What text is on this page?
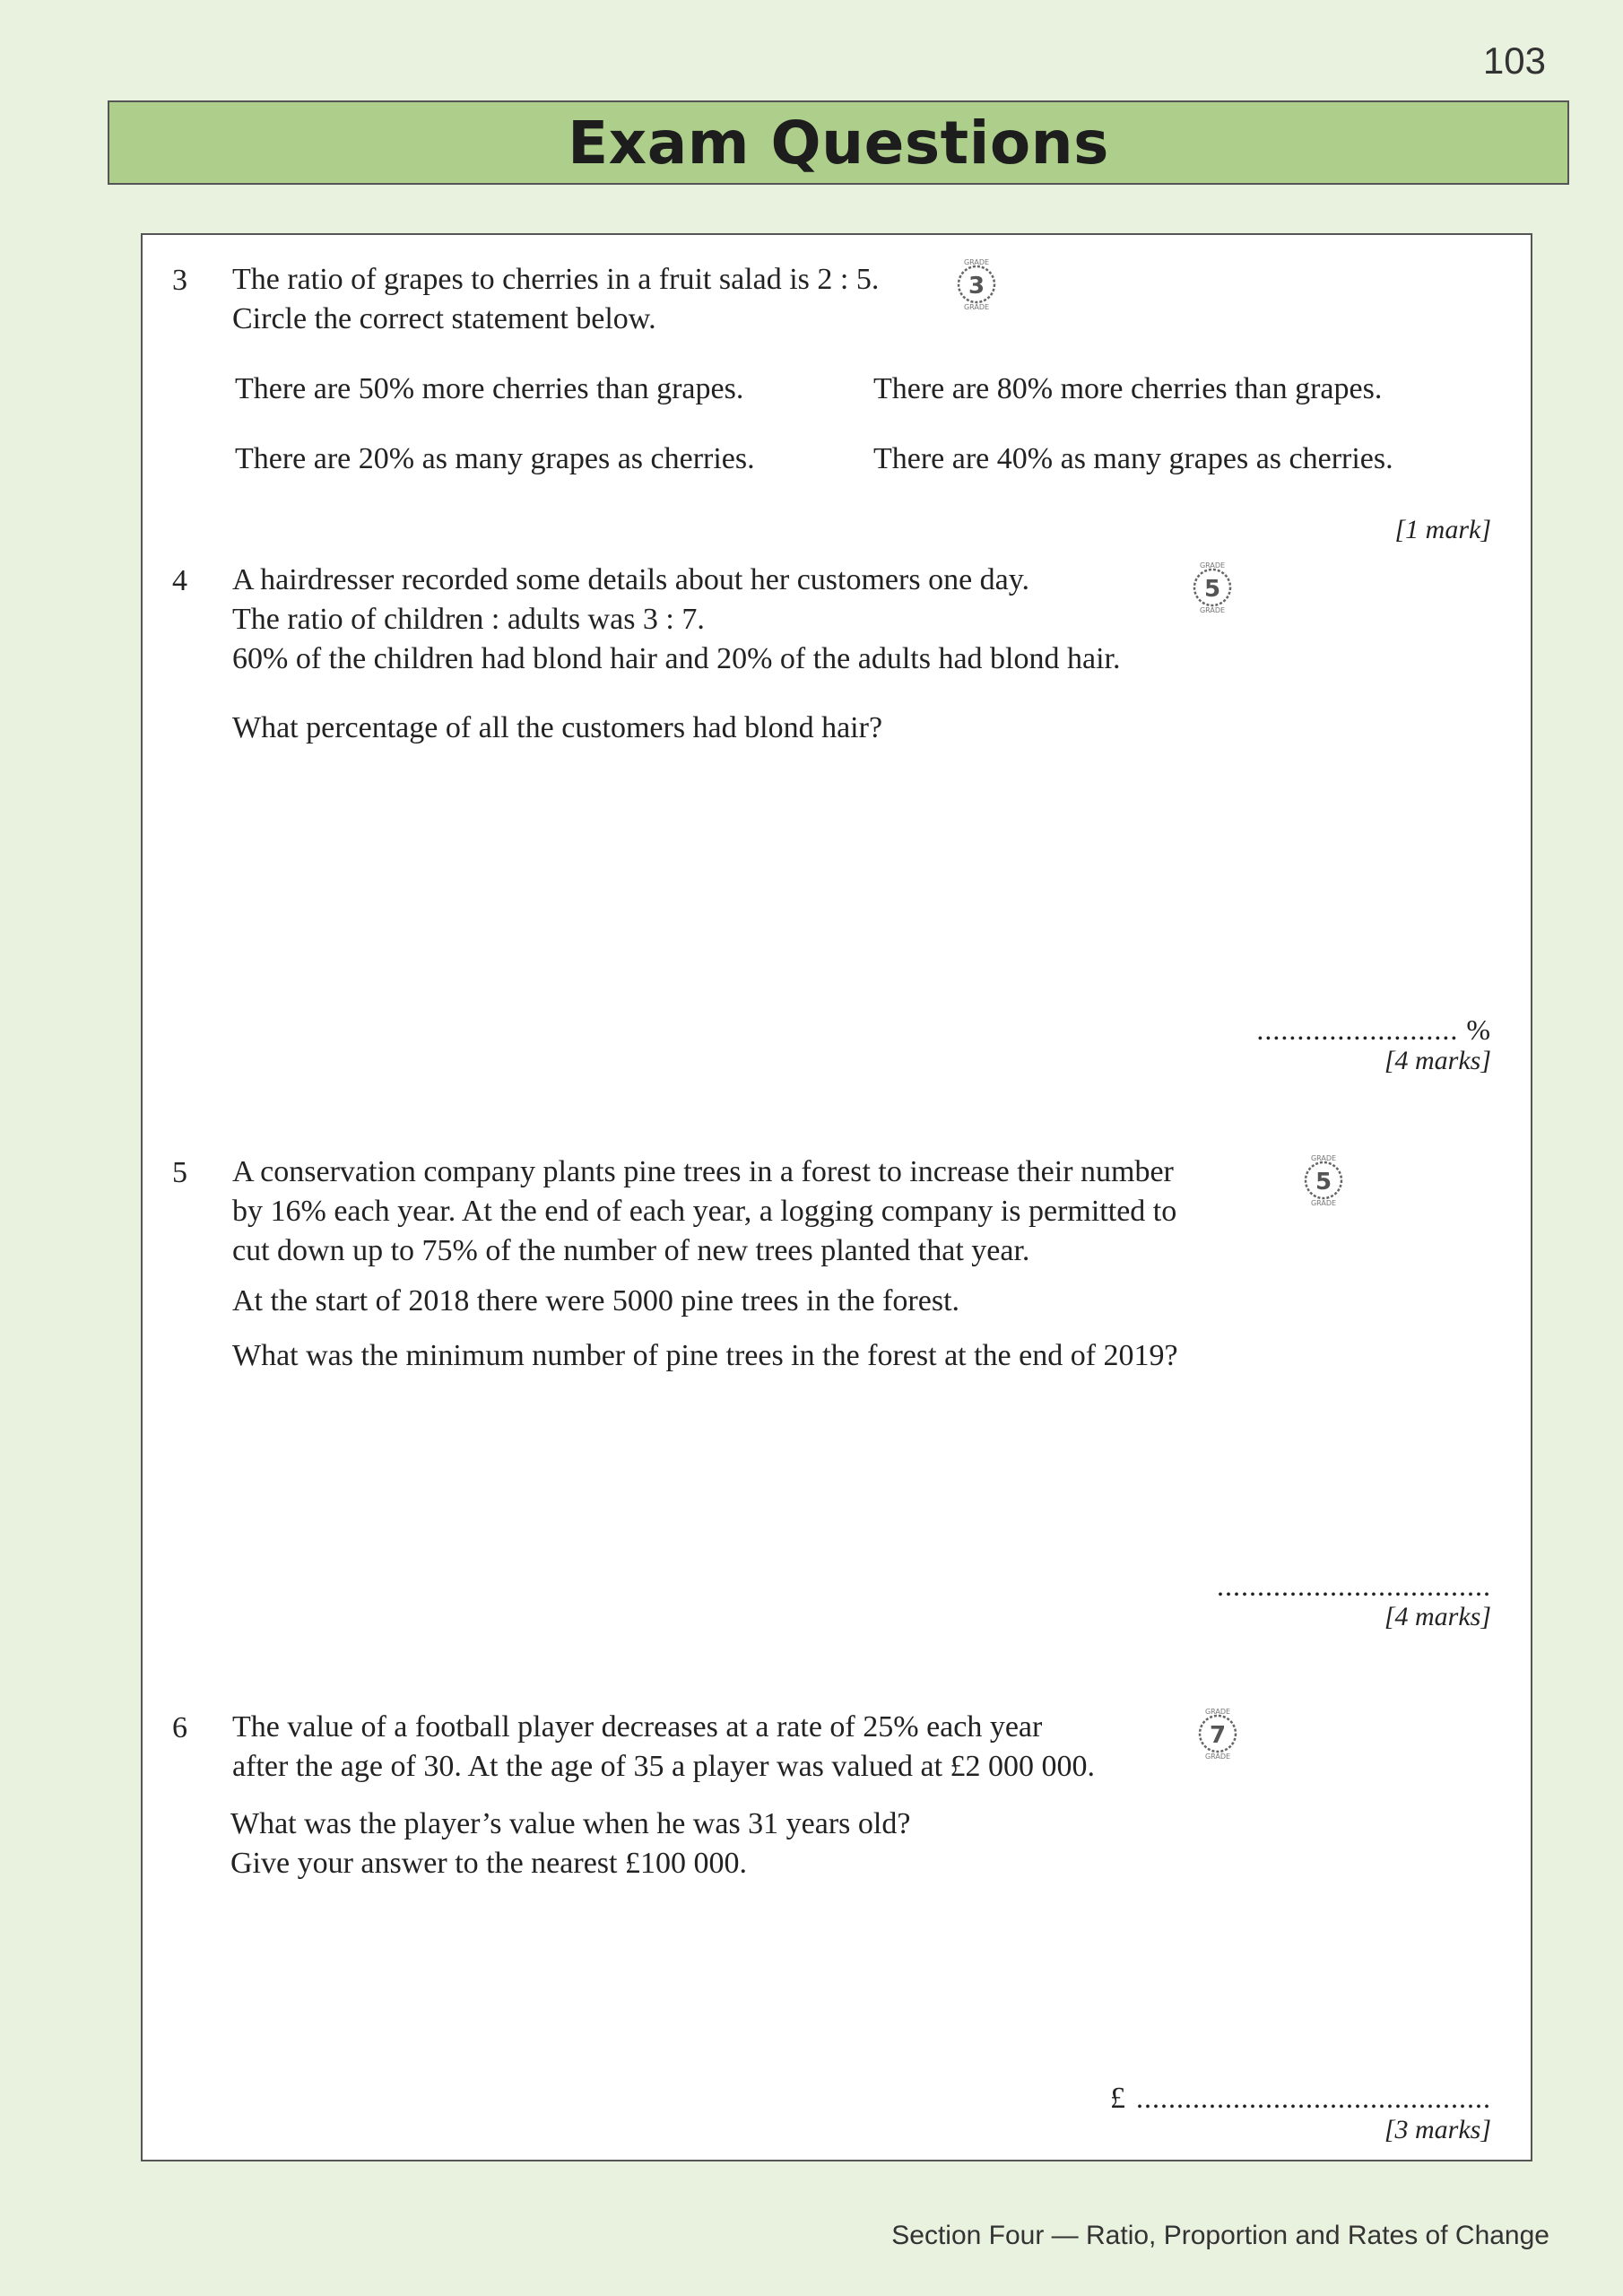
103
Exam Questions
3 The ratio of grapes to cherries in a fruit salad is 2 : 5.
Circle the correct statement below.
3
GRADE
GRADE
There are 50% more cherries than grapes.	There are 80% more cherries than grapes.
There are 20% as many grapes as cherries.	There are 40% as many grapes as cherries.
[1 mark]
4 A hairdresser recorded some details about her customers one day.
The ratio of children : adults was 3 : 7.
60% of the children had blond hair and 20% of the adults had blond hair.
5
GRADE
GRADE
What percentage of all the customers had blond hair?
......................... %
[4 marks]
5 A conservation company plants pine trees in a forest to increase their number
by 16% each year. At the end of each year, a logging company is permitted to
cut down up to 75% of the number of new trees planted that year.
5
GRADE
GRADE
At the start of 2018 there were 5000 pine trees in the forest.
What was the minimum number of pine trees in the forest at the end of 2019?
..................................
[4 marks]
6 The value of a football player decreases at a rate of 25% each year
after the age of 30. At the age of 35 a player was valued at £2 000 000.
7
GRADE
GRADE
What was the player’s value when he was 31 years old?
Give your answer to the nearest £100 000.
£ ............................................
[3 marks]
Section Four — Ratio, Proportion and Rates of Change
